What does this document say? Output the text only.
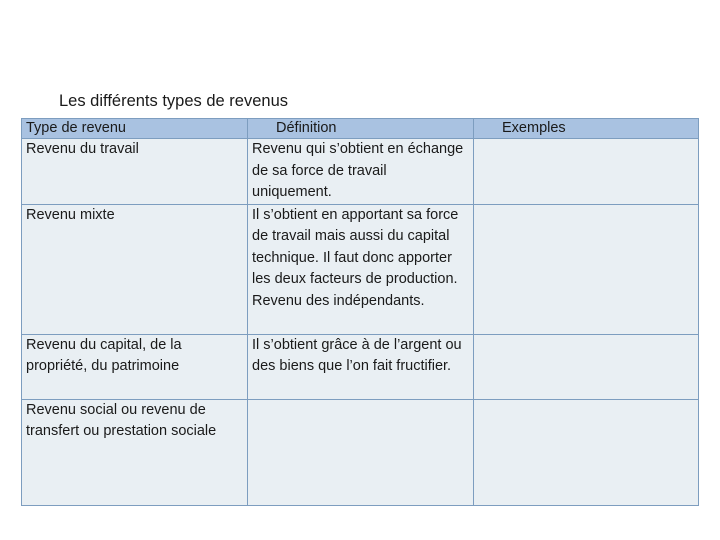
Les différents types de revenus
Type de revenu	Définition	Exemples
Revenu du travail	Revenu qui s’obtient en échange de sa force de travail uniquement.	
Revenu mixte	Il s’obtient en apportant sa force de travail mais aussi du capital technique. Il faut donc apporter les deux facteurs de production. Revenu des indépendants.	
Revenu du capital, de la propriété, du patrimoine	Il s’obtient grâce à de l’argent ou des biens que l’on fait fructifier.	
Revenu social ou revenu de transfert ou prestation sociale		
